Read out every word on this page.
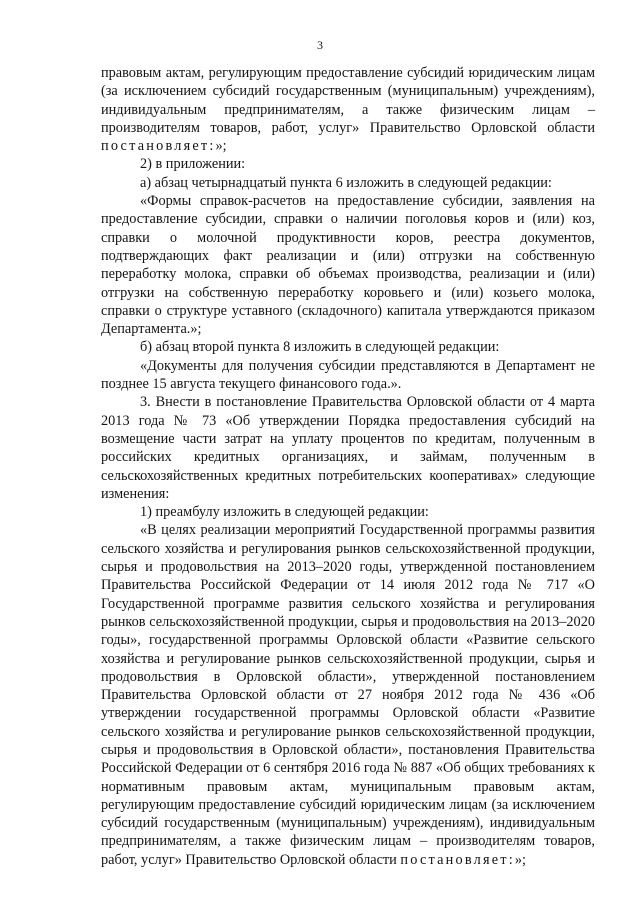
3

правовым актам, регулирующим предоставление субсидий юридическим лицам (за исключением субсидий государственным (муниципальным) учреждениям), индивидуальным предпринимателям, а также физическим лицам – производителям товаров, работ, услуг» Правительство Орловской области постановляет:»;

2) в приложении:

а) абзац четырнадцатый пункта 6 изложить в следующей редакции:

«Формы справок-расчетов на предоставление субсидии, заявления на предоставление субсидии, справки о наличии поголовья коров и (или) коз, справки о молочной продуктивности коров, реестра документов, подтверждающих факт реализации и (или) отгрузки на собственную переработку молока, справки об объемах производства, реализации и (или) отгрузки на собственную переработку коровьего и (или) козьего молока, справки о структуре уставного (складочного) капитала утверждаются приказом Департамента.»;

б) абзац второй пункта 8 изложить в следующей редакции:

«Документы для получения субсидии представляются в Департамент не позднее 15 августа текущего финансового года.».

3. Внести в постановление Правительства Орловской области от 4 марта 2013 года № 73 «Об утверждении Порядка предоставления субсидий на возмещение части затрат на уплату процентов по кредитам, полученным в российских кредитных организациях, и займам, полученным в сельскохозяйственных кредитных потребительских кооперативах» следующие изменения:

1) преамбулу изложить в следующей редакции:

«В целях реализации мероприятий Государственной программы развития сельского хозяйства и регулирования рынков сельскохозяйственной продукции, сырья и продовольствия на 2013–2020 годы, утвержденной постановлением Правительства Российской Федерации от 14 июля 2012 года № 717 «О Государственной программе развития сельского хозяйства и регулирования рынков сельскохозяйственной продукции, сырья и продовольствия на 2013–2020 годы», государственной программы Орловской области «Развитие сельского хозяйства и регулирование рынков сельскохозяйственной продукции, сырья и продовольствия в Орловской области», утвержденной постановлением Правительства Орловской области от 27 ноября 2012 года № 436 «Об утверждении государственной программы Орловской области «Развитие сельского хозяйства и регулирование рынков сельскохозяйственной продукции, сырья и продовольствия в Орловской области», постановления Правительства Российской Федерации от 6 сентября 2016 года № 887 «Об общих требованиях к нормативным правовым актам, муниципальным правовым актам, регулирующим предоставление субсидий юридическим лицам (за исключением субсидий государственным (муниципальным) учреждениям), индивидуальным предпринимателям, а также физическим лицам – производителям товаров, работ, услуг» Правительство Орловской области постановляет:»;
